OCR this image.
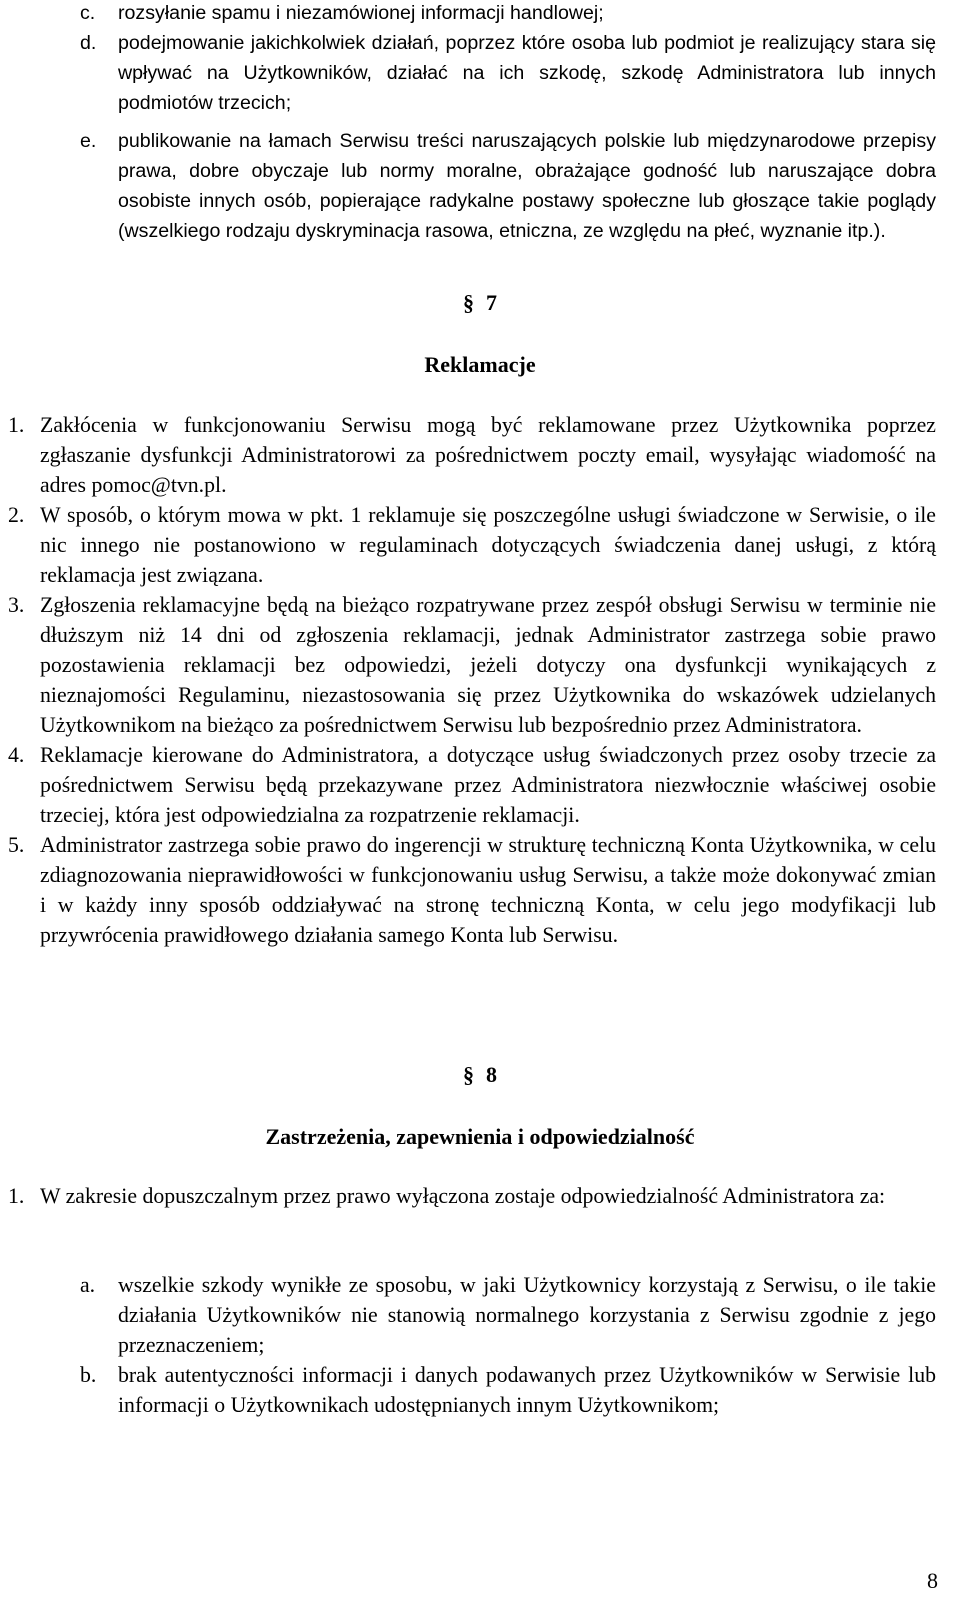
c.	rozsyłanie spamu i niezamówionej informacji handlowej;
d.	podejmowanie jakichkolwiek działań, poprzez które osoba lub podmiot je realizujący stara się wpływać na Użytkowników, działać na ich szkodę, szkodę Administratora lub innych podmiotów trzecich;
e.	publikowanie na łamach Serwisu treści naruszających polskie lub międzynarodowe przepisy prawa, dobre obyczaje lub normy moralne, obrażające godność lub naruszające dobra osobiste innych osób, popierające radykalne postawy społeczne lub głoszące takie poglądy (wszelkiego rodzaju dyskryminacja rasowa, etniczna, ze względu na płeć, wyznanie itp.).
§ 7
Reklamacje
1. Zakłócenia w funkcjonowaniu Serwisu mogą być reklamowane przez Użytkownika poprzez zgłaszanie dysfunkcji Administratorowi za pośrednictwem poczty email, wysyłając wiadomość na adres pomoc@tvn.pl.
2. W sposób, o którym mowa w pkt. 1 reklamuje się poszczególne usługi świadczone w Serwisie, o ile nic innego nie postanowiono w regulaminach dotyczących świadczenia danej usługi, z którą reklamacja jest związana.
3. Zgłoszenia reklamacyjne będą na bieżąco rozpatrywane przez zespół obsługi Serwisu w terminie nie dłuższym niż 14 dni od zgłoszenia reklamacji, jednak Administrator zastrzega sobie prawo pozostawienia reklamacji bez odpowiedzi, jeżeli dotyczy ona dysfunkcji wynikających z nieznajomości Regulaminu, niezastosowania się przez Użytkownika do wskazówek udzielanych Użytkownikom na bieżąco za pośrednictwem Serwisu lub bezpośrednio przez Administratora.
4. Reklamacje kierowane do Administratora, a dotyczące usług świadczonych przez osoby trzecie za pośrednictwem Serwisu będą przekazywane przez Administratora niezwłocznie właściwej osobie trzeciej, która jest odpowiedzialna za rozpatrzenie reklamacji.
5. Administrator zastrzega sobie prawo do ingerencji w strukturę techniczną Konta Użytkownika, w celu zdiagnozowania nieprawidłowości w funkcjonowaniu usług Serwisu, a także może dokonywać zmian i w każdy inny sposób oddziaływać na stronę techniczną Konta, w celu jego modyfikacji lub przywrócenia prawidłowego działania samego Konta lub Serwisu.
§ 8
Zastrzeżenia, zapewnienia i odpowiedzialność
1. W zakresie dopuszczalnym przez prawo wyłączona zostaje odpowiedzialność Administratora za:
a.	wszelkie szkody wynikłe ze sposobu, w jaki Użytkownicy korzystają z Serwisu, o ile takie działania Użytkowników nie stanowią normalnego korzystania z Serwisu zgodnie z jego przeznaczeniem;
b. brak autentyczności informacji i danych podawanych przez Użytkowników w Serwisie lub informacji o Użytkownikach udostępnianych innym Użytkownikom;
8
